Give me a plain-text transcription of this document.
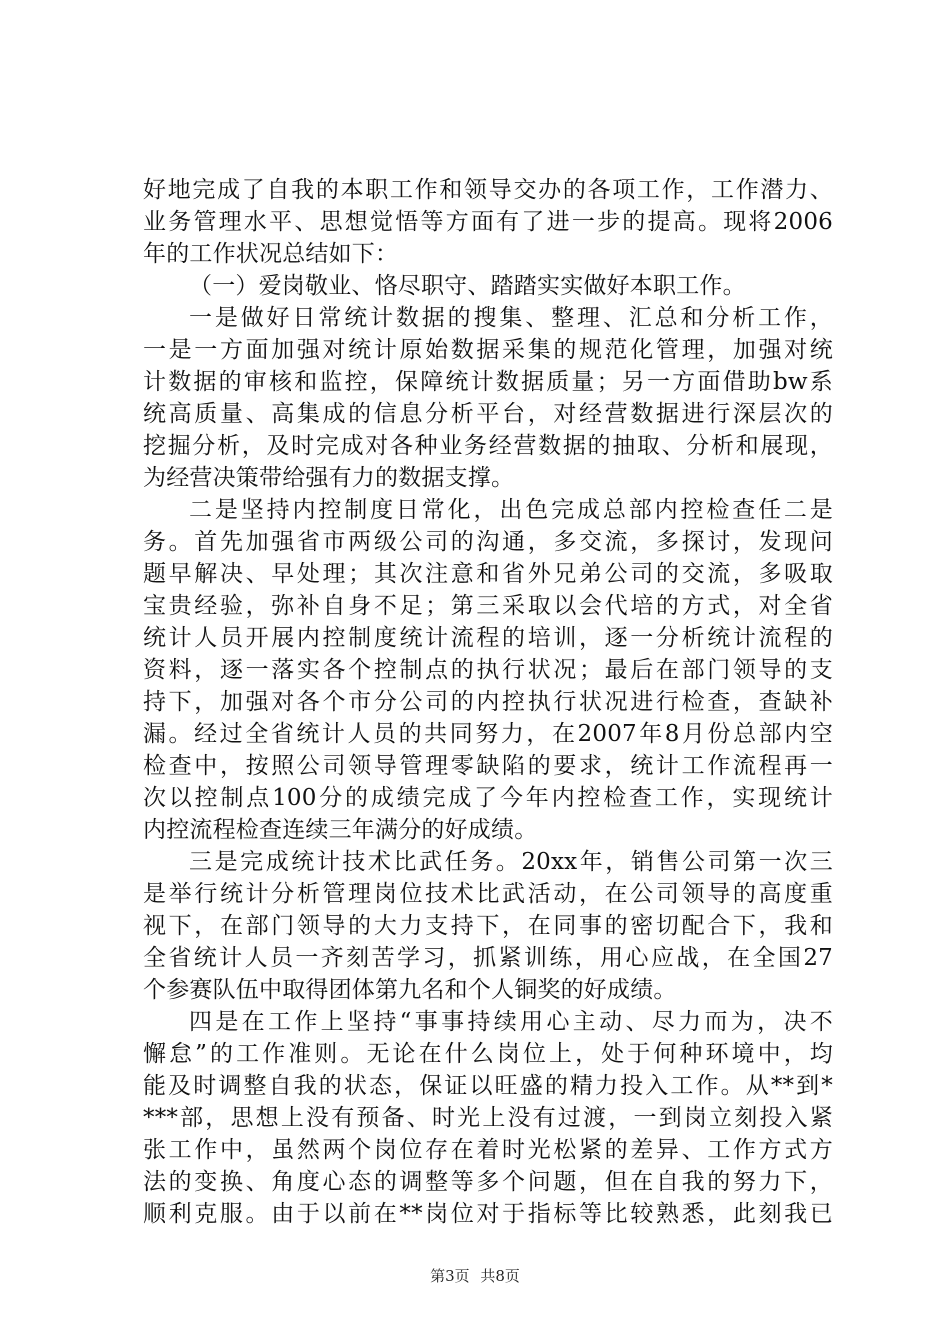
好地完成了自我的本职工作和领导交办的各项工作，工作潜力、
业务管理水平、思想觉悟等方面有了进一步的提高。现将2006
年的工作状况总结如下：
（一）爱岗敬业、恪尽职守、踏踏实实做好本职工作。
一是做好日常统计数据的搜集、整理、汇总和分析工作，
一是一方面加强对统计原始数据采集的规范化管理，加强对统
计数据的审核和监控，保障统计数据质量；另一方面借助bw系
统高质量、高集成的信息分析平台，对经营数据进行深层次的
挖掘分析，及时完成对各种业务经营数据的抽取、分析和展现，
为经营决策带给强有力的数据支撑。
二是坚持内控制度日常化，出色完成总部内控检查任二是
务。首先加强省市两级公司的沟通，多交流，多探讨，发现问
题早解决、早处理；其次注意和省外兄弟公司的交流，多吸取
宝贵经验，弥补自身不足；第三采取以会代培的方式，对全省
统计人员开展内控制度统计流程的培训，逐一分析统计流程的
资料，逐一落实各个控制点的执行状况；最后在部门领导的支
持下，加强对各个市分公司的内控执行状况进行检查，查缺补
漏。经过全省统计人员的共同努力，在2007年8月份总部内空
检查中，按照公司领导管理零缺陷的要求，统计工作流程再一
次以控制点100分的成绩完成了今年内控检查工作，实现统计
内控流程检查连续三年满分的好成绩。
三是完成统计技术比武任务。20xx年，销售公司第一次三
是举行统计分析管理岗位技术比武活动，在公司领导的高度重
视下，在部门领导的大力支持下，在同事的密切配合下，我和
全省统计人员一齐刻苦学习，抓紧训练，用心应战，在全国27
个参赛队伍中取得团体第九名和个人铜奖的好成绩。
四是在工作上坚持“事事持续用心主动、尽力而为，决不
懈怠”的工作准则。无论在什么岗位上，处于何种环境中，均
能及时调整自我的状态，保证以旺盛的精力投入工作。从**到*
***部，思想上没有预备、时光上没有过渡，一到岗立刻投入紧
张工作中，虽然两个岗位存在着时光松紧的差异、工作方式方
法的变换、角度心态的调整等多个问题，但在自我的努力下，
顺利克服。由于以前在**岗位对于指标等比较熟悉，此刻我已
第3页 共8页
